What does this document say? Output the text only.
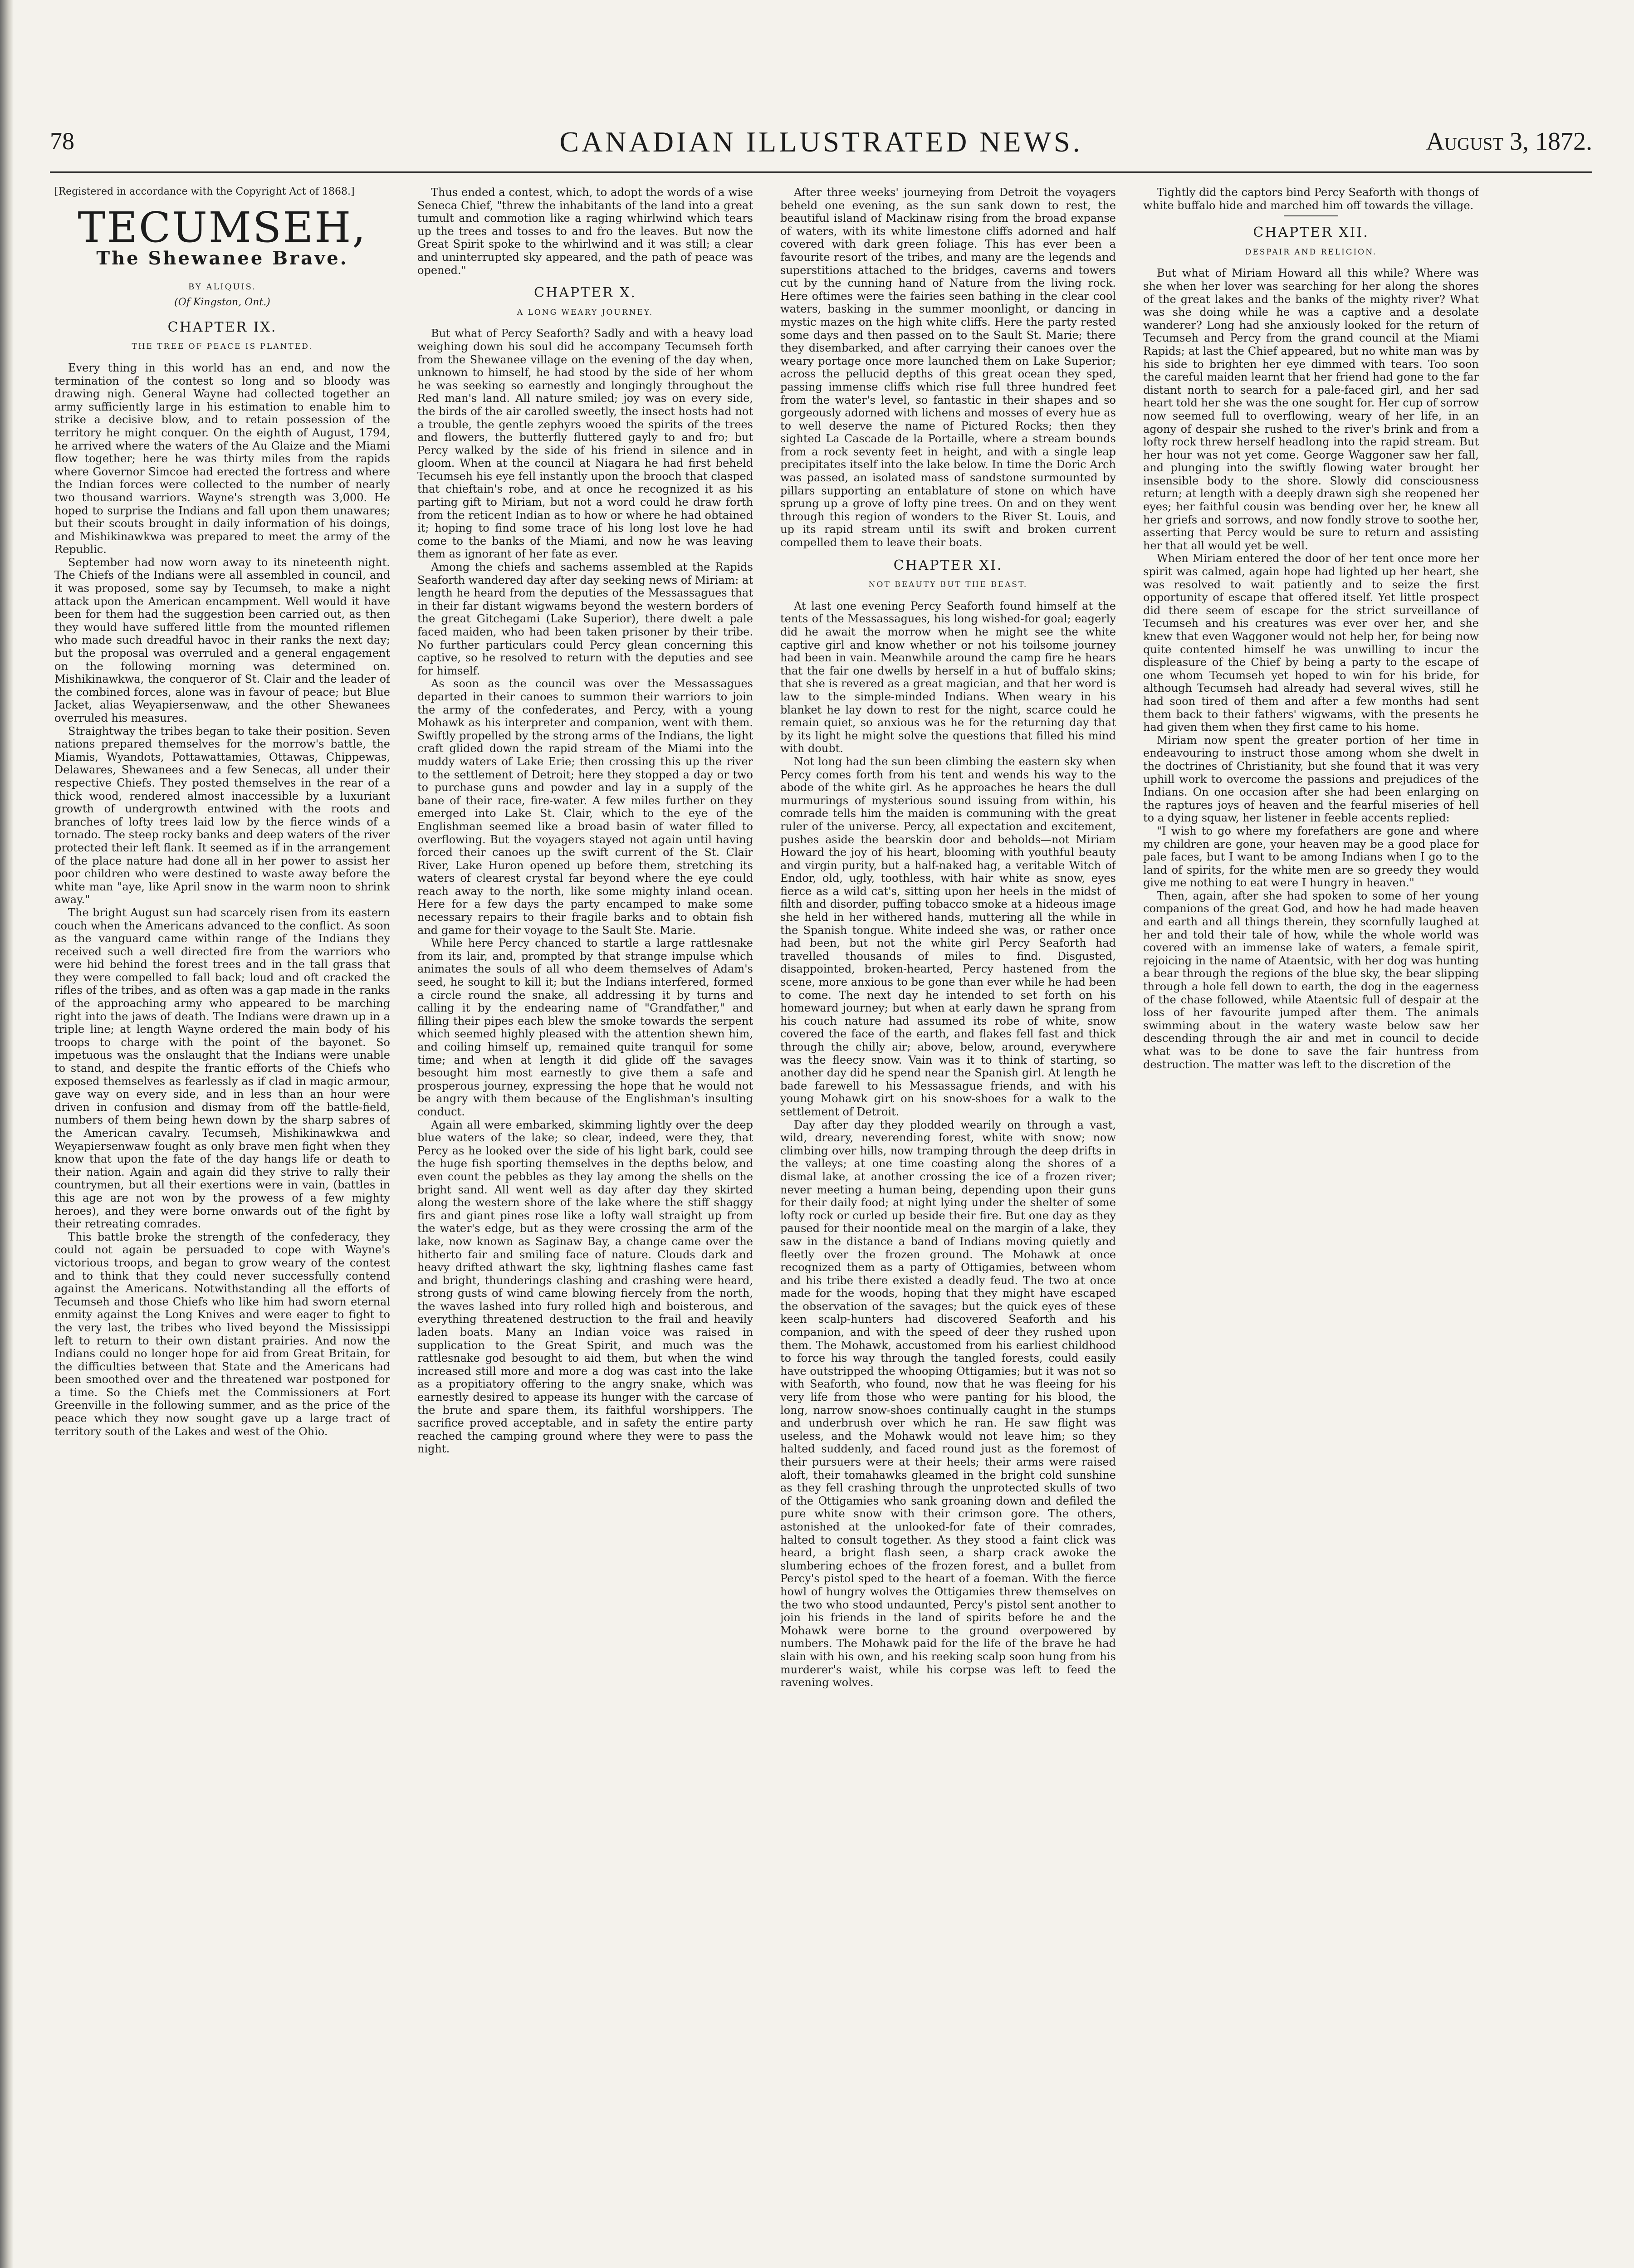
78	CANADIAN ILLUSTRATED NEWS.	August 3, 1872.

[Registered in accordance with the Copyright Act of 1868.]

TECUMSEH,
The Shewanee Brave.
BY ALIQUIS.
(Of Kingston, Ont.)
CHAPTER IX.
THE TREE OF PEACE IS PLANTED.

Every thing in this world has an end, and now the termination of the contest so long and so bloody was drawing nigh. General Wayne had collected together an army sufficiently large in his estimation to enable him to strike a decisive blow, and to retain possession of the territory he might conquer. On the eighth of August, 1794, he arrived where the waters of the Au Glaize and the Miami flow together; here he was thirty miles from the rapids where Governor Simcoe had erected the fortress and where the Indian forces were collected to the number of nearly two thousand warriors. Wayne's strength was 3,000. He hoped to surprise the Indians and fall upon them unawares; but their scouts brought in daily information of his doings, and Mishikinawkwa was prepared to meet the army of the Republic.

September had now worn away to its nineteenth night. The Chiefs of the Indians were all assembled in council, and it was proposed, some say by Tecumseh, to make a night attack upon the American encampment. Well would it have been for them had the suggestion been carried out, as then they would have suffered little from the mounted riflemen who made such dreadful havoc in their ranks the next day; but the proposal was overruled and a general engagement on the following morning was determined on. Mishikinawkwa, the conqueror of St. Clair and the leader of the combined forces, alone was in favour of peace; but Blue Jacket, alias Weyapiersenwaw, and the other Shewanees overruled his measures.

Straightway the tribes began to take their position. Seven nations prepared themselves for the morrow's battle, the Miamis, Wyandots, Pottawattamies, Ottawas, Chippewas, Delawares, Shewanees and a few Senecas, all under their respective Chiefs. They posted themselves in the rear of a thick wood, rendered almost inaccessible by a luxuriant growth of undergrowth entwined with the roots and branches of lofty trees laid low by the fierce winds of a tornado. The steep rocky banks and deep waters of the river protected their left flank. It seemed as if in the arrangement of the place nature had done all in her power to assist her poor children who were destined to waste away before the white man "aye, like April snow in the warm noon to shrink away."

The bright August sun had scarcely risen from its eastern couch when the Americans advanced to the conflict. As soon as the vanguard came within range of the Indians they received such a well directed fire from the warriors who were hid behind the forest trees and in the tall grass that they were compelled to fall back; loud and oft cracked the rifles of the tribes, and as often was a gap made in the ranks of the approaching army who appeared to be marching right into the jaws of death. The Indians were drawn up in a triple line; at length Wayne ordered the main body of his troops to charge with the point of the bayonet. So impetuous was the onslaught that the Indians were unable to stand, and despite the frantic efforts of the Chiefs who exposed themselves as fearlessly as if clad in magic armour, gave way on every side, and in less than an hour were driven in confusion and dismay from off the battle-field, numbers of them being hewn down by the sharp sabres of the American cavalry. Tecumseh, Mishikinawkwa and Weyapiersenwaw fought as only brave men fight when they know that upon the fate of the day hangs life or death to their nation. Again and again did they strive to rally their countrymen, but all their exertions were in vain, (battles in this age are not won by the prowess of a few mighty heroes), and they were borne onwards out of the fight by their retreating comrades.

This battle broke the strength of the confederacy, they could not again be persuaded to cope with Wayne's victorious troops, and began to grow weary of the contest and to think that they could never successfully contend against the Americans. Notwithstanding all the efforts of Tecumseh and those Chiefs who like him had sworn eternal enmity against the Long Knives and were eager to fight to the very last, the tribes who lived beyond the Mississippi left to return to their own distant prairies. And now the Indians could no longer hope for aid from Great Britain, for the difficulties between that State and the Americans had been smoothed over and the threatened war postponed for a time. So the Chiefs met the Commissioners at Fort Greenville in the following summer, and as the price of the peace which they now sought gave up a large tract of territory south of the Lakes and west of the Ohio.

Thus ended a contest, which, to adopt the words of a wise Seneca Chief, "threw the inhabitants of the land into a great tumult and commotion like a raging whirlwind which tears up the trees and tosses to and fro the leaves. But now the Great Spirit spoke to the whirlwind and it was still; a clear and uninterrupted sky appeared, and the path of peace was opened."

CHAPTER X.
A LONG WEARY JOURNEY.

But what of Percy Seaforth? Sadly and with a heavy load weighing down his soul did he accompany Tecumseh forth from the Shewanee village on the evening of the day when, unknown to himself, he had stood by the side of her whom he was seeking so earnestly and longingly throughout the Red man's land. All nature smiled; joy was on every side, the birds of the air carolled sweetly, the insect hosts had not a trouble, the gentle zephyrs wooed the spirits of the trees and flowers, the butterfly fluttered gayly to and fro; but Percy walked by the side of his friend in silence and in gloom. When at the council at Niagara he had first beheld Tecumseh his eye fell instantly upon the brooch that clasped that chieftain's robe, and at once he recognized it as his parting gift to Miriam, but not a word could he draw forth from the reticent Indian as to how or where he had obtained it; hoping to find some trace of his long lost love he had come to the banks of the Miami, and now he was leaving them as ignorant of her fate as ever.

Among the chiefs and sachems assembled at the Rapids Seaforth wandered day after day seeking news of Miriam: at length he heard from the deputies of the Messassagues that in their far distant wigwams beyond the western borders of the great Gitchegami (Lake Superior), there dwelt a pale faced maiden, who had been taken prisoner by their tribe. No further particulars could Percy glean concerning this captive, so he resolved to return with the deputies and see for himself.

As soon as the council was over the Messassagues departed in their canoes to summon their warriors to join the army of the confederates, and Percy, with a young Mohawk as his interpreter and companion, went with them. Swiftly propelled by the strong arms of the Indians, the light craft glided down the rapid stream of the Miami into the muddy waters of Lake Erie; then crossing this up the river to the settlement of Detroit; here they stopped a day or two to purchase guns and powder and lay in a supply of the bane of their race, fire-water. A few miles further on they emerged into Lake St. Clair, which to the eye of the Englishman seemed like a broad basin of water filled to overflowing. But the voyagers stayed not again until having forced their canoes up the swift current of the St. Clair River, Lake Huron opened up before them, stretching its waters of clearest crystal far beyond where the eye could reach away to the north, like some mighty inland ocean. Here for a few days the party encamped to make some necessary repairs to their fragile barks and to obtain fish and game for their voyage to the Sault Ste. Marie.

While here Percy chanced to startle a large rattlesnake from its lair, and, prompted by that strange impulse which animates the souls of all who deem themselves of Adam's seed, he sought to kill it; but the Indians interfered, formed a circle round the snake, all addressing it by turns and calling it by the endearing name of "Grandfather," and filling their pipes each blew the smoke towards the serpent which seemed highly pleased with the attention shewn him, and coiling himself up, remained quite tranquil for some time; and when at length it did glide off the savages besought him most earnestly to give them a safe and prosperous journey, expressing the hope that he would not be angry with them because of the Englishman's insulting conduct.

Again all were embarked, skimming lightly over the deep blue waters of the lake; so clear, indeed, were they, that Percy as he looked over the side of his light bark, could see the huge fish sporting themselves in the depths below, and even count the pebbles as they lay among the shells on the bright sand. All went well as day after day they skirted along the western shore of the lake where the stiff shaggy firs and giant pines rose like a lofty wall straight up from the water's edge, but as they were crossing the arm of the lake, now known as Saginaw Bay, a change came over the hitherto fair and smiling face of nature. Clouds dark and heavy drifted athwart the sky, lightning flashes came fast and bright, thunderings clashing and crashing were heard, strong gusts of wind came blowing fiercely from the north, the waves lashed into fury rolled high and boisterous, and everything threatened destruction to the frail and heavily laden boats. Many an Indian voice was raised in supplication to the Great Spirit, and much was the rattlesnake god besought to aid them, but when the wind increased still more and more a dog was cast into the lake as a propitiatory offering to the angry snake, which was earnestly desired to appease its hunger with the carcase of the brute and spare them, its faithful worshippers. The sacrifice proved acceptable, and in safety the entire party reached the camping ground where they were to pass the night.

After three weeks' journeying from Detroit the voyagers beheld one evening, as the sun sank down to rest, the beautiful island of Mackinaw rising from the broad expanse of waters, with its white limestone cliffs adorned and half covered with dark green foliage. This has ever been a favourite resort of the tribes, and many are the legends and superstitions attached to the bridges, caverns and towers cut by the cunning hand of Nature from the living rock. Here oftimes were the fairies seen bathing in the clear cool waters, basking in the summer moonlight, or dancing in mystic mazes on the high white cliffs. Here the party rested some days and then passed on to the Sault St. Marie; there they disembarked, and after carrying their canoes over the weary portage once more launched them on Lake Superior; across the pellucid depths of this great ocean they sped, passing immense cliffs which rise full three hundred feet from the water's level, so fantastic in their shapes and so gorgeously adorned with lichens and mosses of every hue as to well deserve the name of Pictured Rocks; then they sighted La Cascade de la Portaille, where a stream bounds from a rock seventy feet in height, and with a single leap precipitates itself into the lake below. In time the Doric Arch was passed, an isolated mass of sandstone surmounted by pillars supporting an entablature of stone on which have sprung up a grove of lofty pine trees. On and on they went through this region of wonders to the River St. Louis, and up its rapid stream until its swift and broken current compelled them to leave their boats.

CHAPTER XI.
NOT BEAUTY BUT THE BEAST.

At last one evening Percy Seaforth found himself at the tents of the Messassagues, his long wished-for goal; eagerly did he await the morrow when he might see the white captive girl and know whether or not his toilsome journey had been in vain. Meanwhile around the camp fire he hears that the fair one dwells by herself in a hut of buffalo skins; that she is revered as a great magician, and that her word is law to the simple-minded Indians. When weary in his blanket he lay down to rest for the night, scarce could he remain quiet, so anxious was he for the returning day that by its light he might solve the questions that filled his mind with doubt.

Not long had the sun been climbing the eastern sky when Percy comes forth from his tent and wends his way to the abode of the white girl. As he approaches he hears the dull murmurings of mysterious sound issuing from within, his comrade tells him the maiden is communing with the great ruler of the universe. Percy, all expectation and excitement, pushes aside the bearskin door and beholds—not Miriam Howard the joy of his heart, blooming with youthful beauty and virgin purity, but a half-naked hag, a veritable Witch of Endor, old, ugly, toothless, with hair white as snow, eyes fierce as a wild cat's, sitting upon her heels in the midst of filth and disorder, puffing tobacco smoke at a hideous image she held in her withered hands, muttering all the while in the Spanish tongue. White indeed she was, or rather once had been, but not the white girl Percy Seaforth had travelled thousands of miles to find. Disgusted, disappointed, broken-hearted, Percy hastened from the scene, more anxious to be gone than ever while he had been to come. The next day he intended to set forth on his homeward journey; but when at early dawn he sprang from his couch nature had assumed its robe of white, snow covered the face of the earth, and flakes fell fast and thick through the chilly air; above, below, around, everywhere was the fleecy snow. Vain was it to think of starting, so another day did he spend near the Spanish girl. At length he bade farewell to his Messassague friends, and with his young Mohawk girt on his snow-shoes for a walk to the settlement of Detroit.

Day after day they plodded wearily on through a vast, wild, dreary, neverending forest, white with snow; now climbing over hills, now tramping through the deep drifts in the valleys; at one time coasting along the shores of a dismal lake, at another crossing the ice of a frozen river; never meeting a human being, depending upon their guns for their daily food; at night lying under the shelter of some lofty rock or curled up beside their fire. But one day as they paused for their noontide meal on the margin of a lake, they saw in the distance a band of Indians moving quietly and fleetly over the frozen ground. The Mohawk at once recognized them as a party of Ottigamies, between whom and his tribe there existed a deadly feud. The two at once made for the woods, hoping that they might have escaped the observation of the savages; but the quick eyes of these keen scalp-hunters had discovered Seaforth and his companion, and with the speed of deer they rushed upon them. The Mohawk, accustomed from his earliest childhood to force his way through the tangled forests, could easily have outstripped the whooping Ottigamies; but it was not so with Seaforth, who found, now that he was fleeing for his very life from those who were panting for his blood, the long, narrow snow-shoes continually caught in the stumps and underbrush over which he ran. He saw flight was useless, and the Mohawk would not leave him; so they halted suddenly, and faced round just as the foremost of their pursuers were at their heels; their arms were raised aloft, their tomahawks gleamed in the bright cold sunshine as they fell crashing through the unprotected skulls of two of the Ottigamies who sank groaning down and defiled the pure white snow with their crimson gore. The others, astonished at the unlooked-for fate of their comrades, halted to consult together. As they stood a faint click was heard, a bright flash seen, a sharp crack awoke the slumbering echoes of the frozen forest, and a bullet from Percy's pistol sped to the heart of a foeman. With the fierce howl of hungry wolves the Ottigamies threw themselves on the two who stood undaunted, Percy's pistol sent another to join his friends in the land of spirits before he and the Mohawk were borne to the ground overpowered by numbers. The Mohawk paid for the life of the brave he had slain with his own, and his reeking scalp soon hung from his murderer's waist, while his corpse was left to feed the ravening wolves.

Tightly did the captors bind Percy Seaforth with thongs of white buffalo hide and marched him off towards the village.

CHAPTER XII.
DESPAIR AND RELIGION.

But what of Miriam Howard all this while? Where was she when her lover was searching for her along the shores of the great lakes and the banks of the mighty river? What was she doing while he was a captive and a desolate wanderer? Long had she anxiously looked for the return of Tecumseh and Percy from the grand council at the Miami Rapids; at last the Chief appeared, but no white man was by his side to brighten her eye dimmed with tears. Too soon the careful maiden learnt that her friend had gone to the far distant north to search for a pale-faced girl, and her sad heart told her she was the one sought for. Her cup of sorrow now seemed full to overflowing, weary of her life, in an agony of despair she rushed to the river's brink and from a lofty rock threw herself headlong into the rapid stream. But her hour was not yet come. George Waggoner saw her fall, and plunging into the swiftly flowing water brought her insensible body to the shore. Slowly did consciousness return; at length with a deeply drawn sigh she reopened her eyes; her faithful cousin was bending over her, he knew all her griefs and sorrows, and now fondly strove to soothe her, asserting that Percy would be sure to return and assisting her that all would yet be well.

When Miriam entered the door of her tent once more her spirit was calmed, again hope had lighted up her heart, she was resolved to wait patiently and to seize the first opportunity of escape that offered itself. Yet little prospect did there seem of escape for the strict surveillance of Tecumseh and his creatures was ever over her, and she knew that even Waggoner would not help her, for being now quite contented himself he was unwilling to incur the displeasure of the Chief by being a party to the escape of one whom Tecumseh yet hoped to win for his bride, for although Tecumseh had already had several wives, still he had soon tired of them and after a few months had sent them back to their fathers' wigwams, with the presents he had given them when they first came to his home.

Miriam now spent the greater portion of her time in endeavouring to instruct those among whom she dwelt in the doctrines of Christianity, but she found that it was very uphill work to overcome the passions and prejudices of the Indians. On one occasion after she had been enlarging on the raptures joys of heaven and the fearful miseries of hell to a dying squaw, her listener in feeble accents replied:

"I wish to go where my forefathers are gone and where my children are gone, your heaven may be a good place for pale faces, but I want to be among Indians when I go to the land of spirits, for the white men are so greedy they would give me nothing to eat were I hungry in heaven."

Then, again, after she had spoken to some of her young companions of the great God, and how he had made heaven and earth and all things therein, they scornfully laughed at her and told their tale of how, while the whole world was covered with an immense lake of waters, a female spirit, rejoicing in the name of Ataentsic, with her dog was hunting a bear through the regions of the blue sky, the bear slipping through a hole fell down to earth, the dog in the eagerness of the chase followed, while Ataentsic full of despair at the loss of her favourite jumped after them. The animals swimming about in the watery waste below saw her descending through the air and met in council to decide what was to be done to save the fair huntress from destruction. The matter was left to the discretion of the
